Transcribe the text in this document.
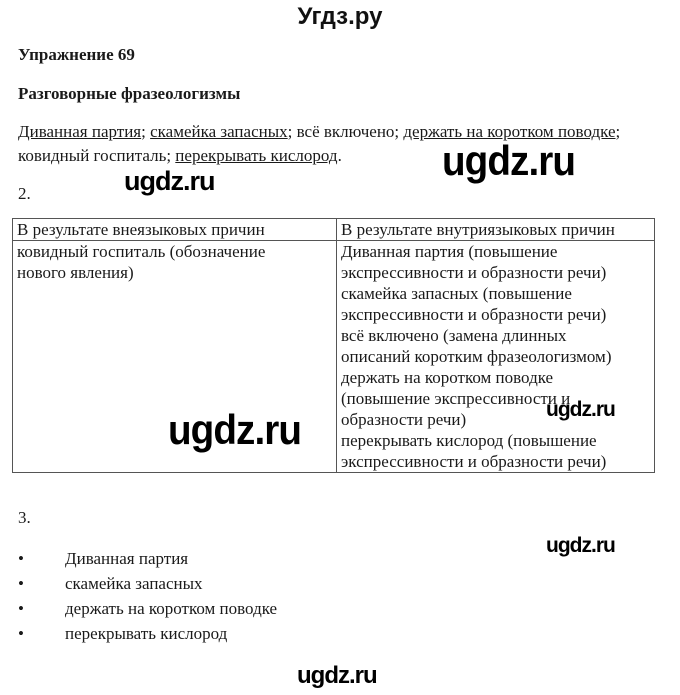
Угдз.ру
Упражнение 69
Разговорные фразеологизмы
Диванная партия; скамейка запасных; всё включено; держать на коротком поводке; ковидный госпиталь; перекрывать кислород.
2.
В результате внеязыковых причин	В результате внутриязыковых причин

ковидный госпиталь (обозначение
нового явления)

Диванная партия (повышение
экспрессивности и образности речи)
скамейка запасных (повышение
экспрессивности и образности речи)
всё включено (замена длинных
описаний коротким фразеологизмом)
держать на коротком поводке
(повышение экспрессивности и
образности речи)
перекрывать кислород (повышение
экспрессивности и образности речи)
3.
• Диванная партия
• скамейка запасных
• держать на коротком поводке
• перекрывать кислород
ugdz.ru
ugdz.ru
ugdz.ru	ugdz.ru
ugdz.ru
ugdz.ru
